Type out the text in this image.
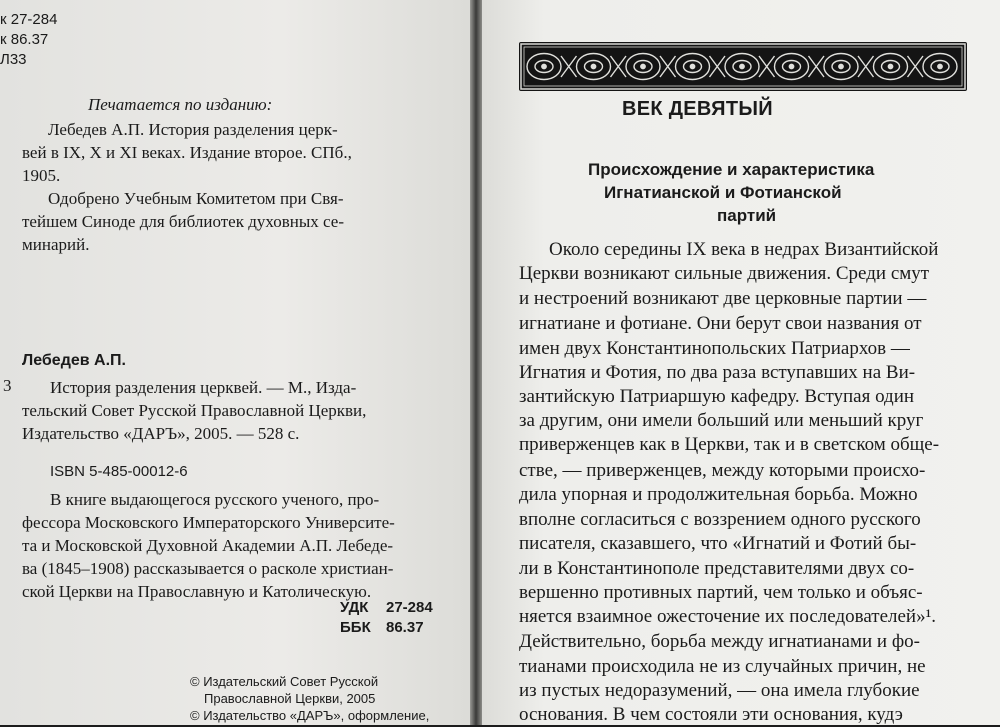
к 27-284
к 86.37
Л33
Печатается по изданию:
Лебедев А.П. История разделения церк-
вей в IX, X и XI веках. Издание второе. СПб.,
1905.
Одобрено Учебным Комитетом при Свя-
тейшем Синоде для библиотек духовных се-
минарий.
Лебедев А.П.
3 История разделения церквей. — М., Изда-
тельский Совет Русской Православной Церкви,
Издательство «ДАРЪ», 2005. — 528 с.
ISBN 5-485-00012-6
В книге выдающегося русского ученого, про-
фессора Московского Императорского Университе-
та и Московской Духовной Академии А.П. Лебеде-
ва (1845–1908) рассказывается о расколе христиан-
ской Церкви на Православную и Католическую.
УДК 27-284
ББК 86.37
© Издательский Совет Русской
Православной Церкви, 2005
© Издательство «ДАРЪ», оформление,
ВЕК ДЕВЯТЫЙ
Происхождение и характеристика
Игнатианской и Фотианской
партий
Около середины IX века в недрах Византийской
Церкви возникают сильные движения. Среди смут
и нестроений возникают две церковные партии —
игнатиане и фотиане. Они берут свои названия от
имен двух Константинопольских Патриархов —
Игнатия и Фотия, по два раза вступавших на Ви-
зантийскую Патриаршую кафедру. Вступая один
за другим, они имели больший или меньший круг
приверженцев как в Церкви, так и в светском обще-
стве, — приверженцев, между которыми происхо-
дила упорная и продолжительная борьба. Можно
вполне согласиться с воззрением одного русского
писателя, сказавшего, что «Игнатий и Фотий бы-
ли в Константинополе представителями двух со-
вершенно противных партий, чем только и объяс-
няется взаимное ожесточение их последователей»¹.
Действительно, борьба между игнатианами и фо-
тианами происходила не из случайных причин, не
из пустых недоразумений, — она имела глубокие
основания. В чем состояли эти основания, кудэ
